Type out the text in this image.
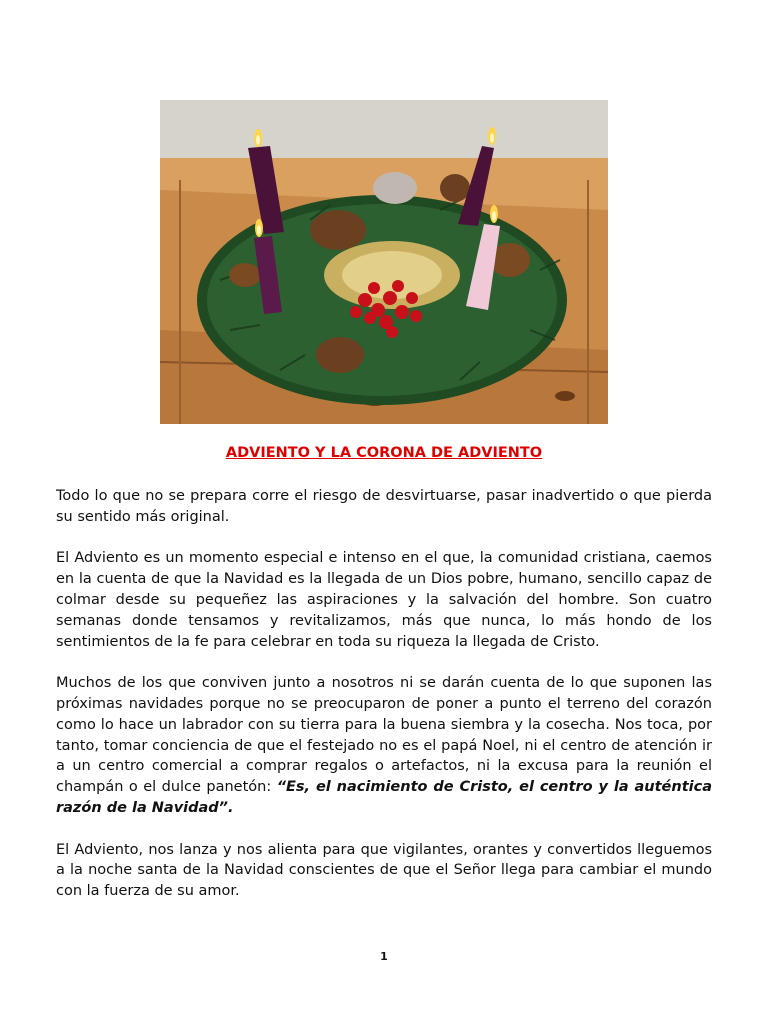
ADVIENTO Y LA CORONA DE ADVIENTO

Todo lo que no se prepara corre el riesgo de desvirtuarse, pasar inadvertido o que pierda su sentido más original.

El Adviento es un momento especial e intenso en el que, la comunidad cristiana, caemos en la cuenta de que la Navidad es la llegada de un Dios pobre, humano, sencillo capaz de colmar desde su pequeñez las aspiraciones y la salvación del hombre. Son cuatro semanas donde tensamos y revitalizamos, más que nunca, lo más hondo de los sentimientos de la fe para celebrar en toda su riqueza la llegada de Cristo.

Muchos de los que conviven junto a nosotros ni se darán cuenta de lo que suponen las próximas navidades porque no se preocuparon de poner a punto el terreno del corazón como lo hace un labrador con su tierra para la buena siembra y la cosecha. Nos toca, por tanto, tomar conciencia de que el festejado no es el papá Noel, ni el centro de atención ir a un centro comercial a comprar regalos o artefactos, ni la excusa para la reunión el champán o el dulce panetón: “Es, el nacimiento de Cristo, el centro y la auténtica razón de la Navidad”.

El Adviento, nos lanza y nos alienta para que vigilantes, orantes y convertidos lleguemos a la noche santa de la Navidad conscientes de que el Señor llega para cambiar el mundo con la fuerza de su amor.

1
